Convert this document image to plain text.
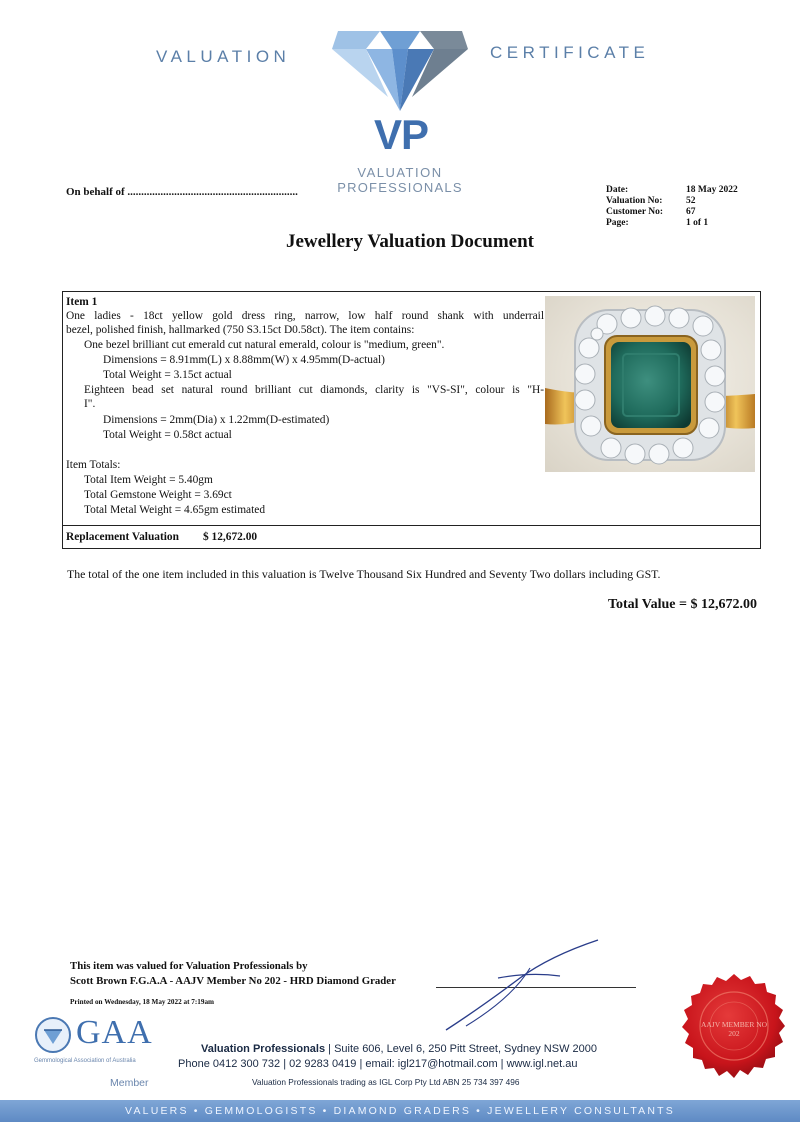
VALUATION	CERTIFICATE
VP
VALUATION
PROFESSIONALS
On behalf of ..............................................................	Date:
Valuation No:
Customer No:
Page:
18 May 2022
52
67
1 of 1
Jewellery Valuation Document
Item 1
One ladies - 18ct yellow gold dress ring, narrow, low half round shank with underrail
bezel, polished finish, hallmarked (750 S3.15ct D0.58ct). The item contains:
One bezel brilliant cut emerald cut natural emerald, colour is "medium, green".
Dimensions = 8.91mm(L) x 8.88mm(W) x 4.95mm(D-actual)
Total Weight = 3.15ct actual
Eighteen bead set natural round brilliant cut diamonds, clarity is "VS-SI", colour is "H-
I".
Dimensions = 2mm(Dia) x 1.22mm(D-estimated)
Total Weight = 0.58ct actual
Item Totals:
Total Item Weight = 5.40gm
Total Gemstone Weight = 3.69ct
Total Metal Weight = 4.65gm estimated
Replacement Valuation $ 12,672.00
The total of the one item included in this valuation is Twelve Thousand Six Hundred and Seventy Two dollars including GST.
Total Value = $ 12,672.00
This item was valued for Valuation Professionals by
Scott Brown F.G.A.A - AAJV Member No 202 - HRD Diamond Grader
Printed on Wednesday, 18 May 2022 at 7:19am
GAA
Gemmological Association of Australia
Member
Valuation Professionals | Suite 606, Level 6, 250 Pitt Street, Sydney NSW 2000
Phone 0412 300 732 | 02 9283 0419 | email: igl217@hotmail.com | www.igl.net.au
Valuation Professionals trading as IGL Corp Pty Ltd ABN 25 734 397 496
AAJV MEMBER NO 202
VALUERS • GEMMOLOGISTS • DIAMOND GRADERS • JEWELLERY CONSULTANTS
